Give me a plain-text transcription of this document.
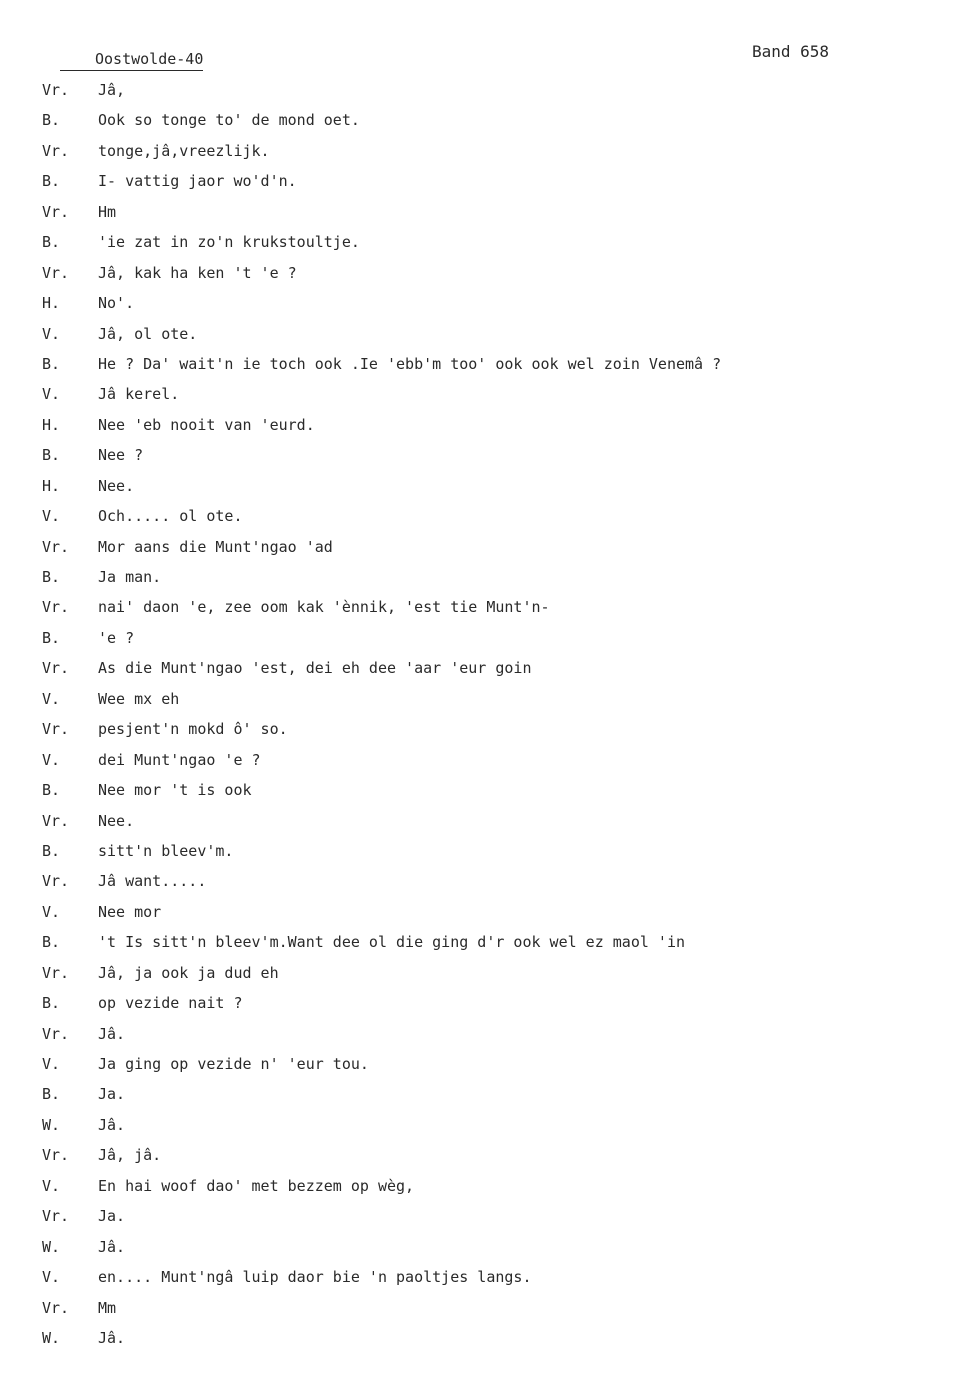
Oostwolde-40	Band 658
Vr. Jâ,
B.	Ook so tonge to' de mond oet.
Vr. tonge,jâ,vreezlijk.
B.	I- vattig jaor wo'd'n.
Vr. Hm
B.	'ie zat in zo'n krukstoultje.
Vr. Jâ, kak ha ken 't 'e ?
H.	No'.
V.	Jâ, ol ote.
B.	He ? Da' wait'n ie toch ook .Ie 'ebb'm too' ook ook wel zoin Venemâ ?
V.	Jâ kerel.
H.	Nee 'eb nooit van 'eurd.
B.	Nee ?
H.	Nee.
V.	Och..... ol ote.
Vr. Mor aans die Munt'ngao 'ad
B.	Ja man.
Vr. nai' daon 'e, zee oom kak 'ènnik, 'est tie Munt'n-
B.	'e ?
Vr. As die Munt'ngao 'est, dei eh dee 'aar 'eur goin
V.	Wee mx eh
Vr. pesjent'n mokd ô' so.
V.	dei Munt'ngao 'e ?
B.	Nee mor 't is ook
Vr. Nee.
B.	sitt'n bleev'm.
Vr. Jâ want.....
V.	Nee mor
B.	't Is sitt'n bleev'm.Want dee ol die ging d'r ook wel ez maol 'in
Vr. Jâ, ja ook ja dud eh
B.	op vezide nait ?
Vr. Jâ.
V.	Ja ging op vezide n' 'eur tou.
B.	Ja.
W.	Jâ.
Vr. Jâ, jâ.
V.	En hai woof dao' met bezzem op wèg,
Vr. Ja.
W.	Jâ.
V.	en.... Munt'ngâ luip daor bie 'n paoltjes langs.
Vr. Mm
W.	Jâ.
